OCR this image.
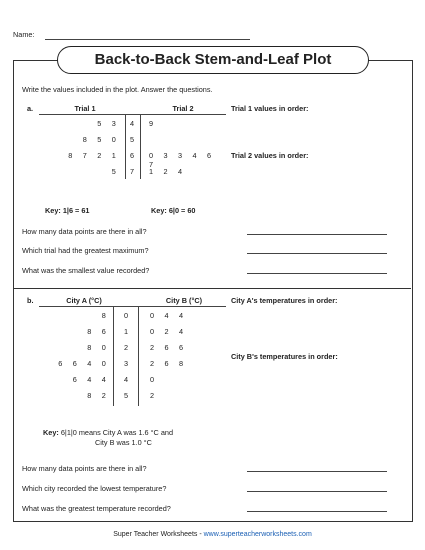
Name:
Back-to-Back Stem-and-Leaf Plot
Write the values included in the plot. Answer the questions.
a.	Trial 1	Trial 2
5 3	4	9
8 5 0	5
8 7 2 1	6	0 3 3 4 6 7
5	7	1 2 4
Key: 1|6 = 61	Key: 6|0 = 60
Trial 1 values in order:
Trial 2 values in order:
How many data points are there in all?
Which trial had the greatest maximum?
What was the smallest value recorded?
b.	City A (°C)	City B (°C)
8	0	0 4 4
8 6	1	0 2 4
8 0	2	2 6 6
6 6 4 0	3	2 6 8
6 4 4	4	0
8 2	5	2
Key: 6|1|0 means City A was 1.6 °C and
City B was 1.0 °C
City A's temperatures in order:
City B's temperatures in order:
How many data points are there in all?
Which city recorded the lowest temperature?
What was the greatest temperature recorded?
Super Teacher Worksheets - www.superteacherworksheets.com
